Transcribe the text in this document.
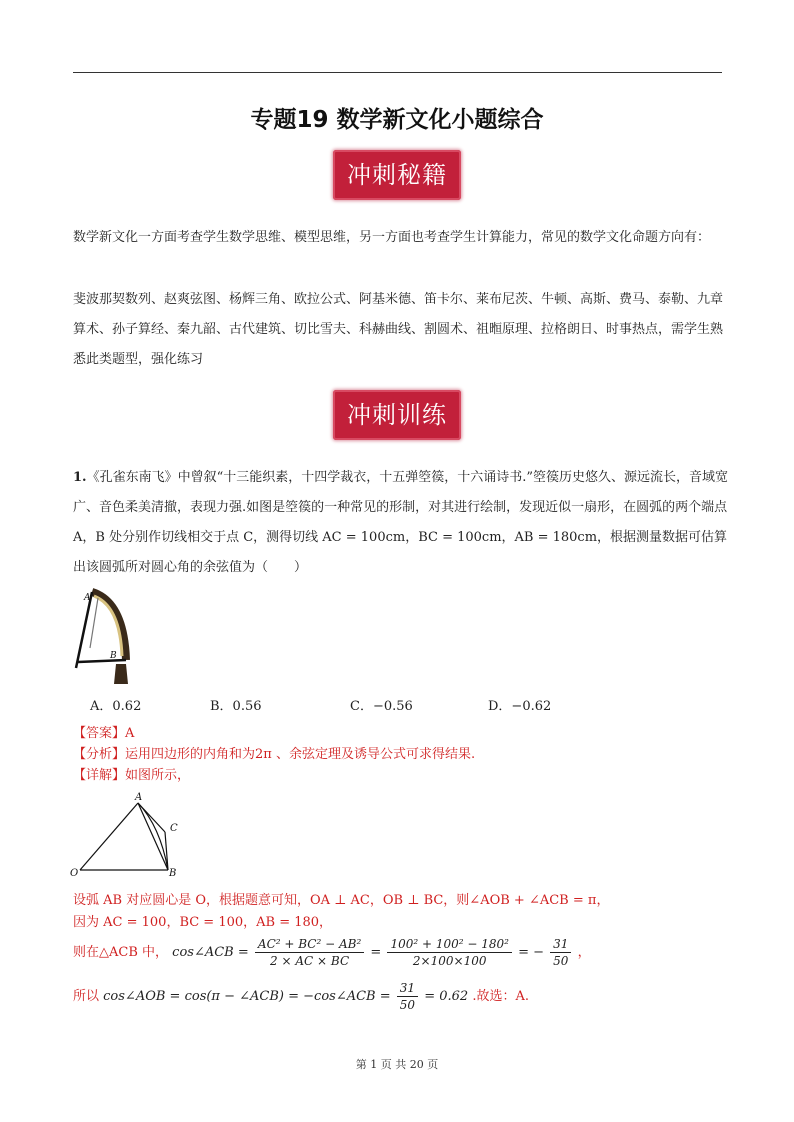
专题19 数学新文化小题综合
冲刺秘籍
数学新文化一方面考查学生数学思维、模型思维，另一方面也考查学生计算能力，常见的数学文化命题方向有：
斐波那契数列、赵爽弦图、杨辉三角、欧拉公式、阿基米德、笛卡尔、莱布尼茨、牛顿、高斯、费马、泰勒、九章算术、孙子算经、秦九韶、古代建筑、切比雪夫、科赫曲线、割圆术、祖暅原理、拉格朗日、时事热点，需学生熟悉此类题型，强化练习
冲刺训练
1.《孔雀东南飞》中曾叙“十三能织素，十四学裁衣，十五弹箜篌，十六诵诗书.”箜篌历史悠久、源远流长，音域宽广、音色柔美清撤，表现力强.如图是箜篌的一种常见的形制，对其进行绘制，发现近似一扇形，在圆弧的两个端点 A，B 处分别作切线相交于点 C，测得切线 AC = 100cm，BC = 100cm，AB = 180cm，根据测量数据可估算出该圆弧所对圆心角的余弦值为（　　）
A
B
A．0.62	B．0.56	C．−0.56	D．−0.62
【答案】A
【分析】运用四边形的内角和为2π 、余弦定理及诱导公式可求得结果.
【详解】如图所示，
A
C
O	B
设弧 AB 对应圆心是 O，根据题意可知，OA ⊥ AC，OB ⊥ BC，则∠AOB + ∠ACB = π，
因为 AC = 100，BC = 100，AB = 180，
则在△ACB 中， cos∠ACB = $\frac{\text{AC² + BC² − AB²}}{2 \times AC \times BC} = \frac{\text{100² + 100² − 180²}}{2\times 100\times 100}$ = − $\frac{31}{50}$ ，
所以 cos∠AOB = cos(π − ∠ACB) = −cos∠ACB = $\frac{31}{50} = 0.62$ .故选：A.
第 1 页 共 20 页
